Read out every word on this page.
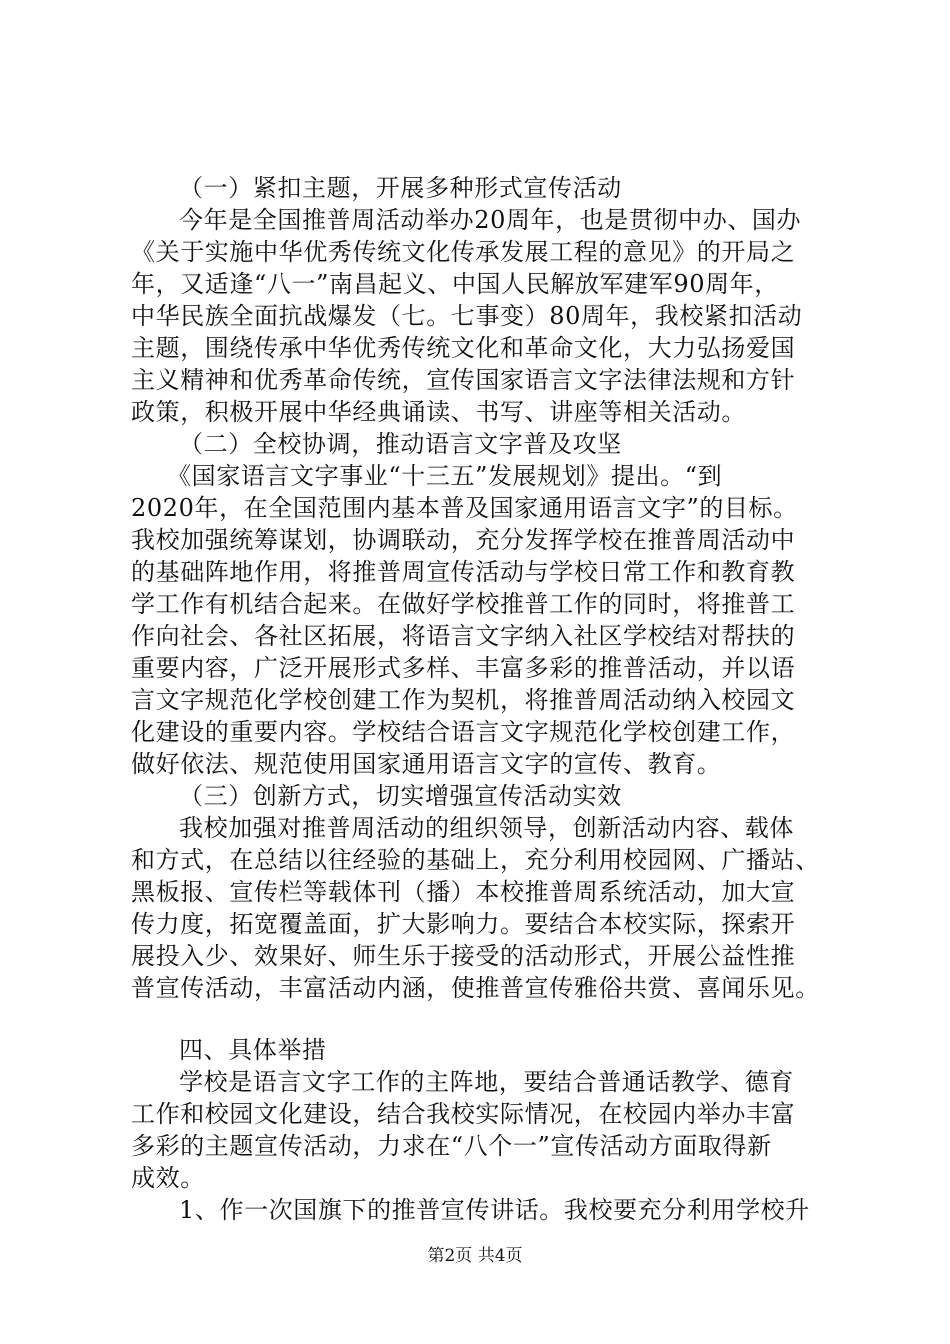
（一）紧扣主题，开展多种形式宣传活动
今年是全国推普周活动举办20周年，也是贯彻中办、国办
《关于实施中华优秀传统文化传承发展工程的意见》的开局之
年，又适逢“八一”南昌起义、中国人民解放军建军90周年，
中华民族全面抗战爆发（七。七事变）80周年，我校紧扣活动
主题，围绕传承中华优秀传统文化和革命文化，大力弘扬爱国
主义精神和优秀革命传统，宣传国家语言文字法律法规和方针
政策，积极开展中华经典诵读、书写、讲座等相关活动。
（二）全校协调，推动语言文字普及攻坚
《国家语言文字事业“十三五”发展规划》提出。“到
2020年，在全国范围内基本普及国家通用语言文字”的目标。
我校加强统筹谋划，协调联动，充分发挥学校在推普周活动中
的基础阵地作用，将推普周宣传活动与学校日常工作和教育教
学工作有机结合起来。在做好学校推普工作的同时，将推普工
作向社会、各社区拓展，将语言文字纳入社区学校结对帮扶的
重要内容，广泛开展形式多样、丰富多彩的推普活动，并以语
言文字规范化学校创建工作为契机，将推普周活动纳入校园文
化建设的重要内容。学校结合语言文字规范化学校创建工作，
做好依法、规范使用国家通用语言文字的宣传、教育。
（三）创新方式，切实增强宣传活动实效
我校加强对推普周活动的组织领导，创新活动内容、载体
和方式，在总结以往经验的基础上，充分利用校园网、广播站、
黑板报、宣传栏等载体刊（播）本校推普周系统活动，加大宣
传力度，拓宽覆盖面，扩大影响力。要结合本校实际，探索开
展投入少、效果好、师生乐于接受的活动形式，开展公益性推
普宣传活动，丰富活动内涵，使推普宣传雅俗共赏、喜闻乐见。
四、具体举措
学校是语言文字工作的主阵地，要结合普通话教学、德育
工作和校园文化建设，结合我校实际情况，在校园内举办丰富
多彩的主题宣传活动，力求在“八个一”宣传活动方面取得新
成效。
1、作一次国旗下的推普宣传讲话。我校要充分利用学校升
第2页 共4页
